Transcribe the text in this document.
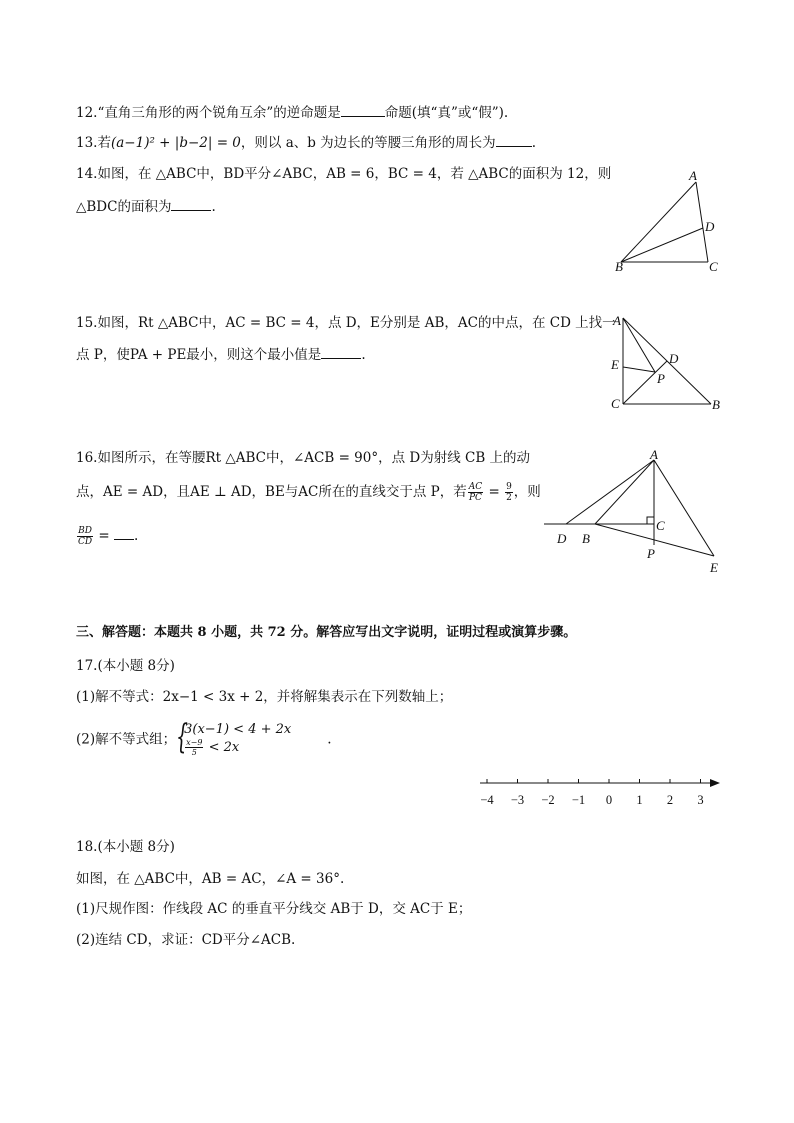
12.“直角三角形的两个锐角互余”的逆命题是	命题(填“真”或“假”).
13.若(a−1)² + |b−2| = 0，则以 a、b 为边长的等腰三角形的周长为	.
14.如图，在 △ABC中，BD平分∠ABC，AB = 6，BC = 4，若 △ABC的面积为 12，则
△BDC的面积为	.
A
D
B	C
15.如图，Rt △ABC中，AC = BC = 4，点 D，E分别是 AB，AC的中点，在 CD 上找一
点 P，使PA + PE最小，则这个最小值是	.
A
E	D
P
C	B
16.如图所示，在等腰Rt △ABC中，∠ACB = 90°，点 D为射线 CB 上的动
点，AE = AD，且AE ⊥ AD，BE与AC所在的直线交于点 P，若 $\frac{AC}{PC} = \frac{9}{2}$ ，则
$\frac{BD}{CD}$ = .
A
C
D B
P
E
三、解答题：本题共 8 小题，共 72 分。解答应写出文字说明，证明过程或演算步骤。
17.(本小题 8分)
(1)解不等式：2x−1 < 3x + 2，并将解集表示在下列数轴上；
(2)解不等式组； {
3(x−1) < 4 + 2x
$\frac{x-9}{5} < 2x$	.
−4 −3 −2 −1 0 1 2 3
18.(本小题 8分)
如图，在 △ABC中，AB = AC，∠A = 36°.
(1)尺规作图：作线段 AC 的垂直平分线交 AB于 D，交 AC于 E；
(2)连结 CD，求证：CD平分∠ACB.
